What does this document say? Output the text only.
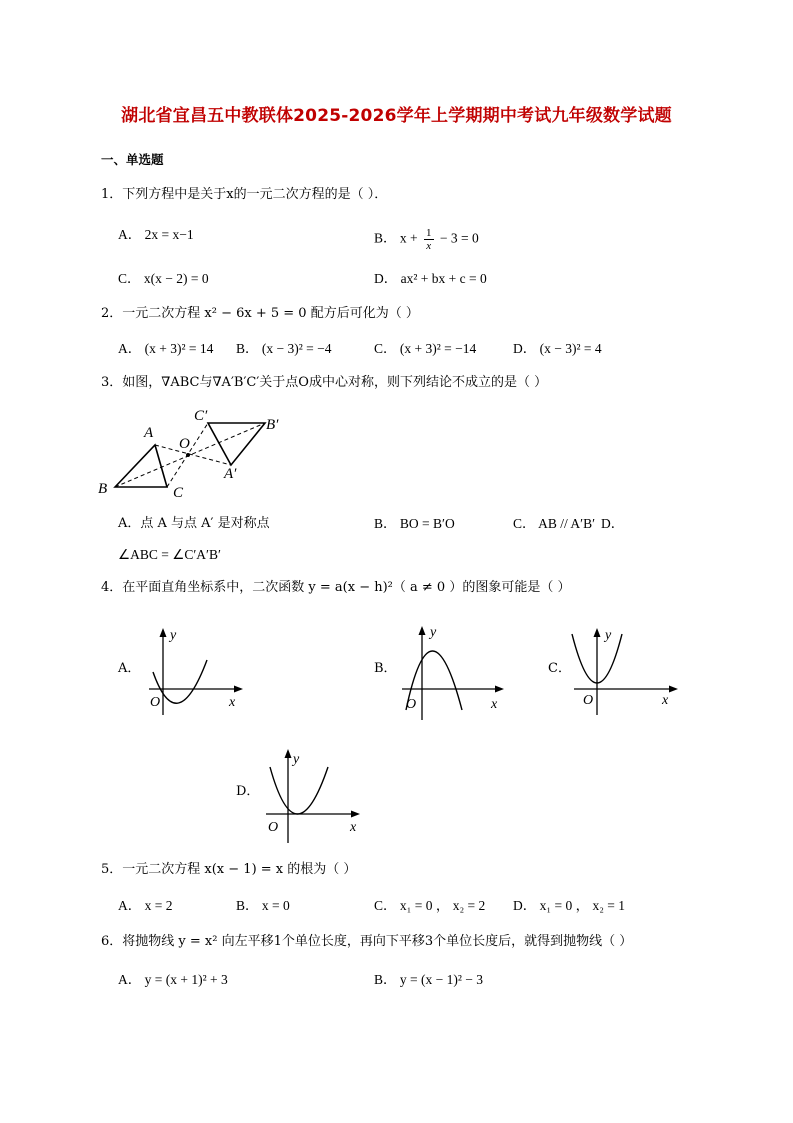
湖北省宜昌五中教联体2025-2026学年上学期期中考试九年级数学试题
一、单选题
1．下列方程中是关于x的一元二次方程的是（ ）．
A． 2x = x−1	B． $x + \frac{1}{x} - 3 = 0$
C． x(x − 2) = 0	D． ax² + bx + c = 0
2．一元二次方程 x² − 6x + 5 = 0 配方后可化为（ ）
A． (x + 3)² = 14 B． (x − 3)² = −4	C． (x + 3)² = −14	D． (x − 3)² = 4
3．如图，∇ABC与∇A′B′C′关于点O成中心对称，则下列结论不成立的是（ ）
A
B	C
O
A′
B′
C′
A．点 A 与点 A′ 是对称点	B． BO = B′O	C． AB // A′B′ D．
∠ABC = ∠C′A′B′
4．在平面直角坐标系中，二次函数 y = a(x − h)²（ a ≠ 0 ）的图象可能是（ ）
A．
O	x
y
B．
O	x
y
C．
O	x
y
D．
O	x
y
5．一元二次方程 x(x − 1) = x 的根为（ ）
A． x = 2	B． x = 0	C． x₁ = 0 ， x₂ = 2 D． x₁ = 0 ， x₂ = 1
6．将抛物线 y = x² 向左平移1个单位长度，再向下平移3个单位长度后，就得到抛物线（ ）
A． y = (x + 1)² + 3	B． y = (x − 1)² − 3
